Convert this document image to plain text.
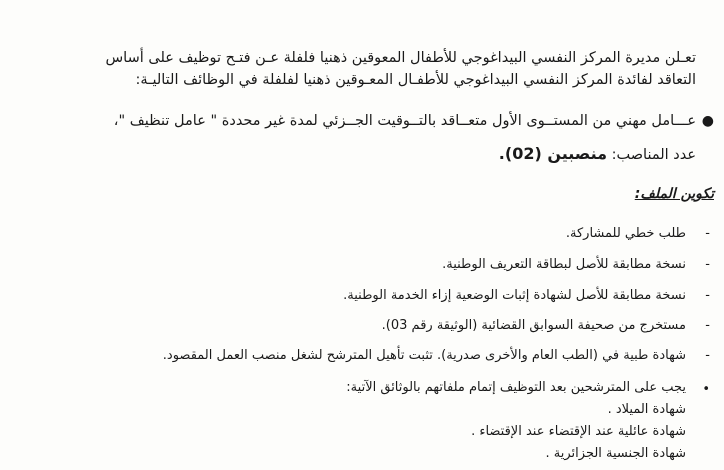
تعـلن مديرة المركز النفسي البيداغوجي للأطفال المعوقين ذهنيا فلفلة عـن فتـح توظيف على أساس
التعاقد لفائدة المركز النفسي البيداغوجي للأطفـال المعـوقين ذهنيا لفلفلة في الوظائف التاليـة:
●
عـــامل مهني من المستــوى الأول متعــاقد بالتــوقيت الجــزئي لمدة غير محددة " عامل تنظيف "،
عدد المناصب: منصبين (02).
تكوين الملف:
-
طلب خطي للمشاركة.
-
نسخة مطابقة للأصل لبطاقة التعريف الوطنية.
-
نسخة مطابقة للأصل لشهادة إثبات الوضعية إزاء الخدمة الوطنية.
-
مستخرج من صحيفة السوابق القضائية (الوثيقة رقم 03).
-
شهادة طبية في (الطب العام والأخرى صدرية). تثبت تأهيل المترشح لشغل منصب العمل المقصود.
•
يجب على المترشحين بعد التوظيف إتمام ملفاتهم بالوثائق الآتية:
شهادة الميلاد .
شهادة عائلية عند الإقتضاء عند الإقتضاء .
شهادة الجنسية الجزائرية .
